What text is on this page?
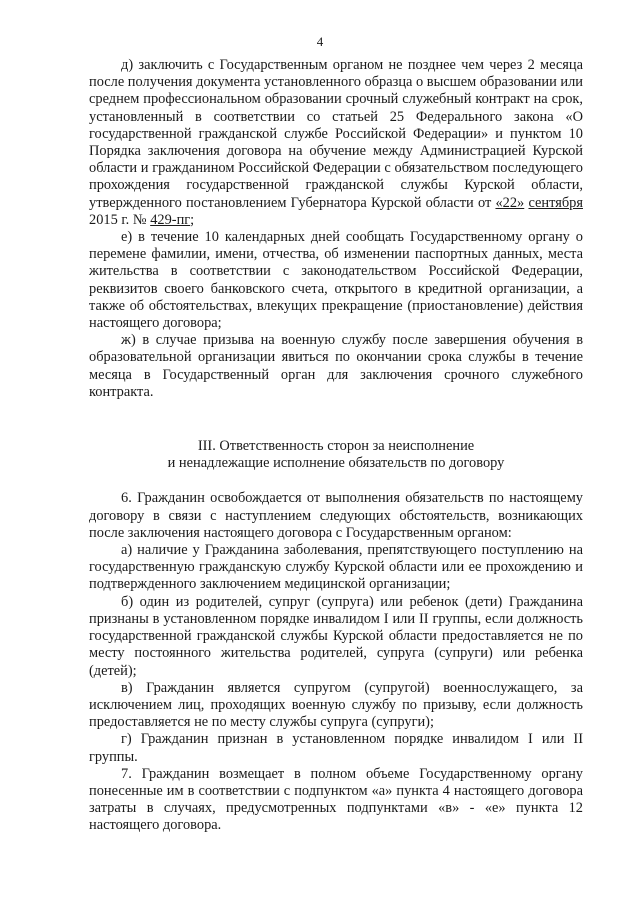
4

д) заключить с Государственным органом не позднее чем через 2 месяца после получения документа установленного образца о высшем образовании или среднем профессиональном образовании срочный служебный контракт на срок, установленный в соответствии со статьей 25 Федерального закона «О государственной гражданской службе Российской Федерации» и пунктом 10 Порядка заключения договора на обучение между Администрацией Курской области и гражданином Российской Федерации с обязательством последующего прохождения государственной гражданской службы Курской области, утвержденного постановлением Губернатора Курской области от «22» сентября 2015 г. № 429-пг;

е) в течение 10 календарных дней сообщать Государственному органу о перемене фамилии, имени, отчества, об изменении паспортных данных, места жительства в соответствии с законодательством Российской Федерации, реквизитов своего банковского счета, открытого в кредитной организации, а также об обстоятельствах, влекущих прекращение (приостановление) действия настоящего договора;

ж) в случае призыва на военную службу после завершения обучения в образовательной организации явиться по окончании срока службы в течение месяца в Государственный орган для заключения срочного служебного контракта.

III. Ответственность сторон за неисполнение
и ненадлежащие исполнение обязательств по договору

6. Гражданин освобождается от выполнения обязательств по настоящему договору в связи с наступлением следующих обстоятельств, возникающих после заключения настоящего договора с Государственным органом:

а) наличие у Гражданина заболевания, препятствующего поступлению на государственную гражданскую службу Курской области или ее прохождению и подтвержденного заключением медицинской организации;

б) один из родителей, супруг (супруга) или ребенок (дети) Гражданина признаны в установленном порядке инвалидом I или II группы, если должность государственной гражданской службы Курской области предоставляется не по месту постоянного жительства родителей, супруга (супруги) или ребенка (детей);

в) Гражданин является супругом (супругой) военнослужащего, за исключением лиц, проходящих военную службу по призыву, если должность предоставляется не по месту службы супруга (супруги);

г) Гражданин признан в установленном порядке инвалидом I или II группы.

7. Гражданин возмещает в полном объеме Государственному органу понесенные им в соответствии с подпунктом «а» пункта 4 настоящего договора затраты в случаях, предусмотренных подпунктами «в» - «е» пункта 12 настоящего договора.
